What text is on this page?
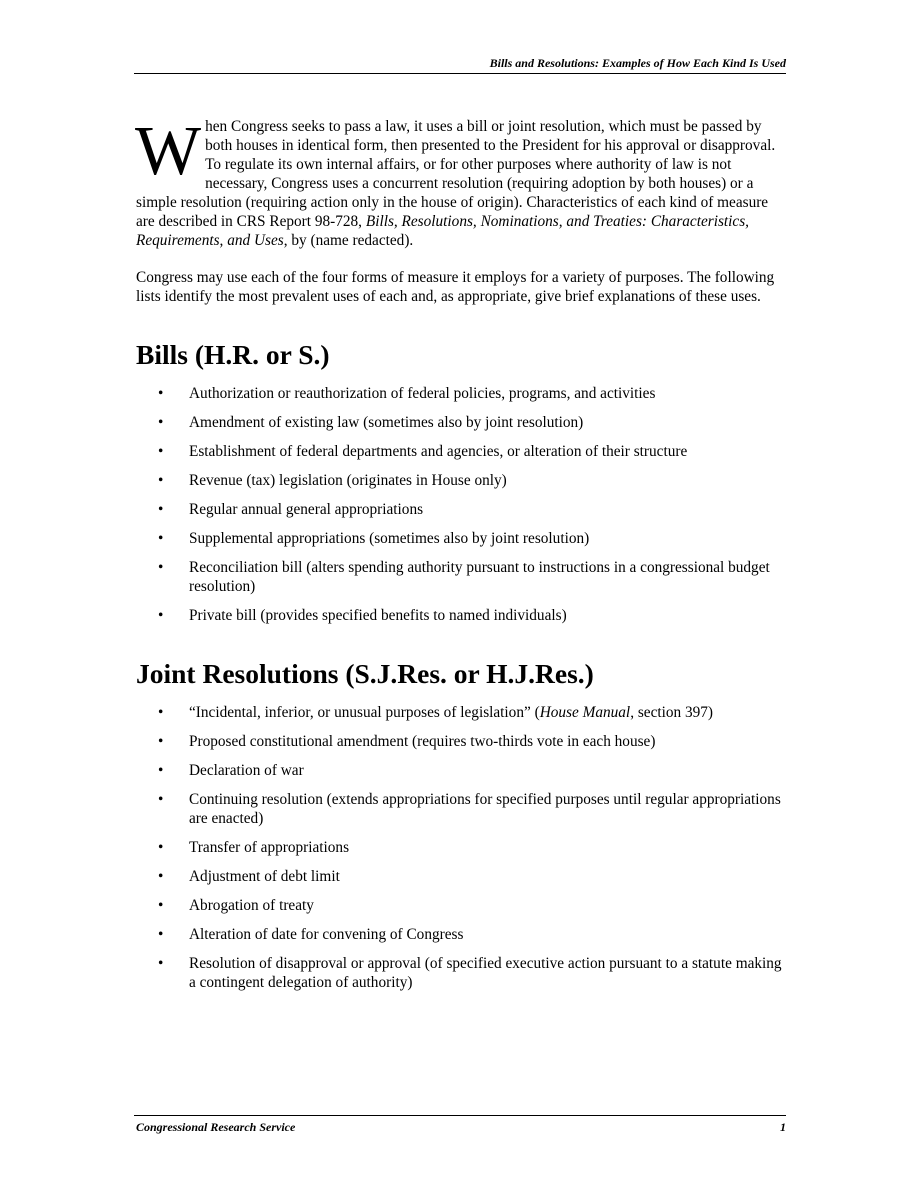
Bills and Resolutions: Examples of How Each Kind Is Used

When Congress seeks to pass a law, it uses a bill or joint resolution, which must be passed by both houses in identical form, then presented to the President for his approval or disapproval. To regulate its own internal affairs, or for other purposes where authority of law is not necessary, Congress uses a concurrent resolution (requiring adoption by both houses) or a simple resolution (requiring action only in the house of origin). Characteristics of each kind of measure are described in CRS Report 98-728, Bills, Resolutions, Nominations, and Treaties: Characteristics, Requirements, and Uses, by (name redacted).

Congress may use each of the four forms of measure it employs for a variety of purposes. The following lists identify the most prevalent uses of each and, as appropriate, give brief explanations of these uses.

Bills (H.R. or S.)
• Authorization or reauthorization of federal policies, programs, and activities
• Amendment of existing law (sometimes also by joint resolution)
• Establishment of federal departments and agencies, or alteration of their structure
• Revenue (tax) legislation (originates in House only)
• Regular annual general appropriations
• Supplemental appropriations (sometimes also by joint resolution)
• Reconciliation bill (alters spending authority pursuant to instructions in a congressional budget resolution)
• Private bill (provides specified benefits to named individuals)
Joint Resolutions (S.J.Res. or H.J.Res.)
• “Incidental, inferior, or unusual purposes of legislation” (House Manual, section 397)
• Proposed constitutional amendment (requires two-thirds vote in each house)
• Declaration of war
• Continuing resolution (extends appropriations for specified purposes until regular appropriations are enacted)
• Transfer of appropriations
• Adjustment of debt limit
• Abrogation of treaty
• Alteration of date for convening of Congress
• Resolution of disapproval or approval (of specified executive action pursuant to a statute making a contingent delegation of authority)
Congressional Research Service	1
